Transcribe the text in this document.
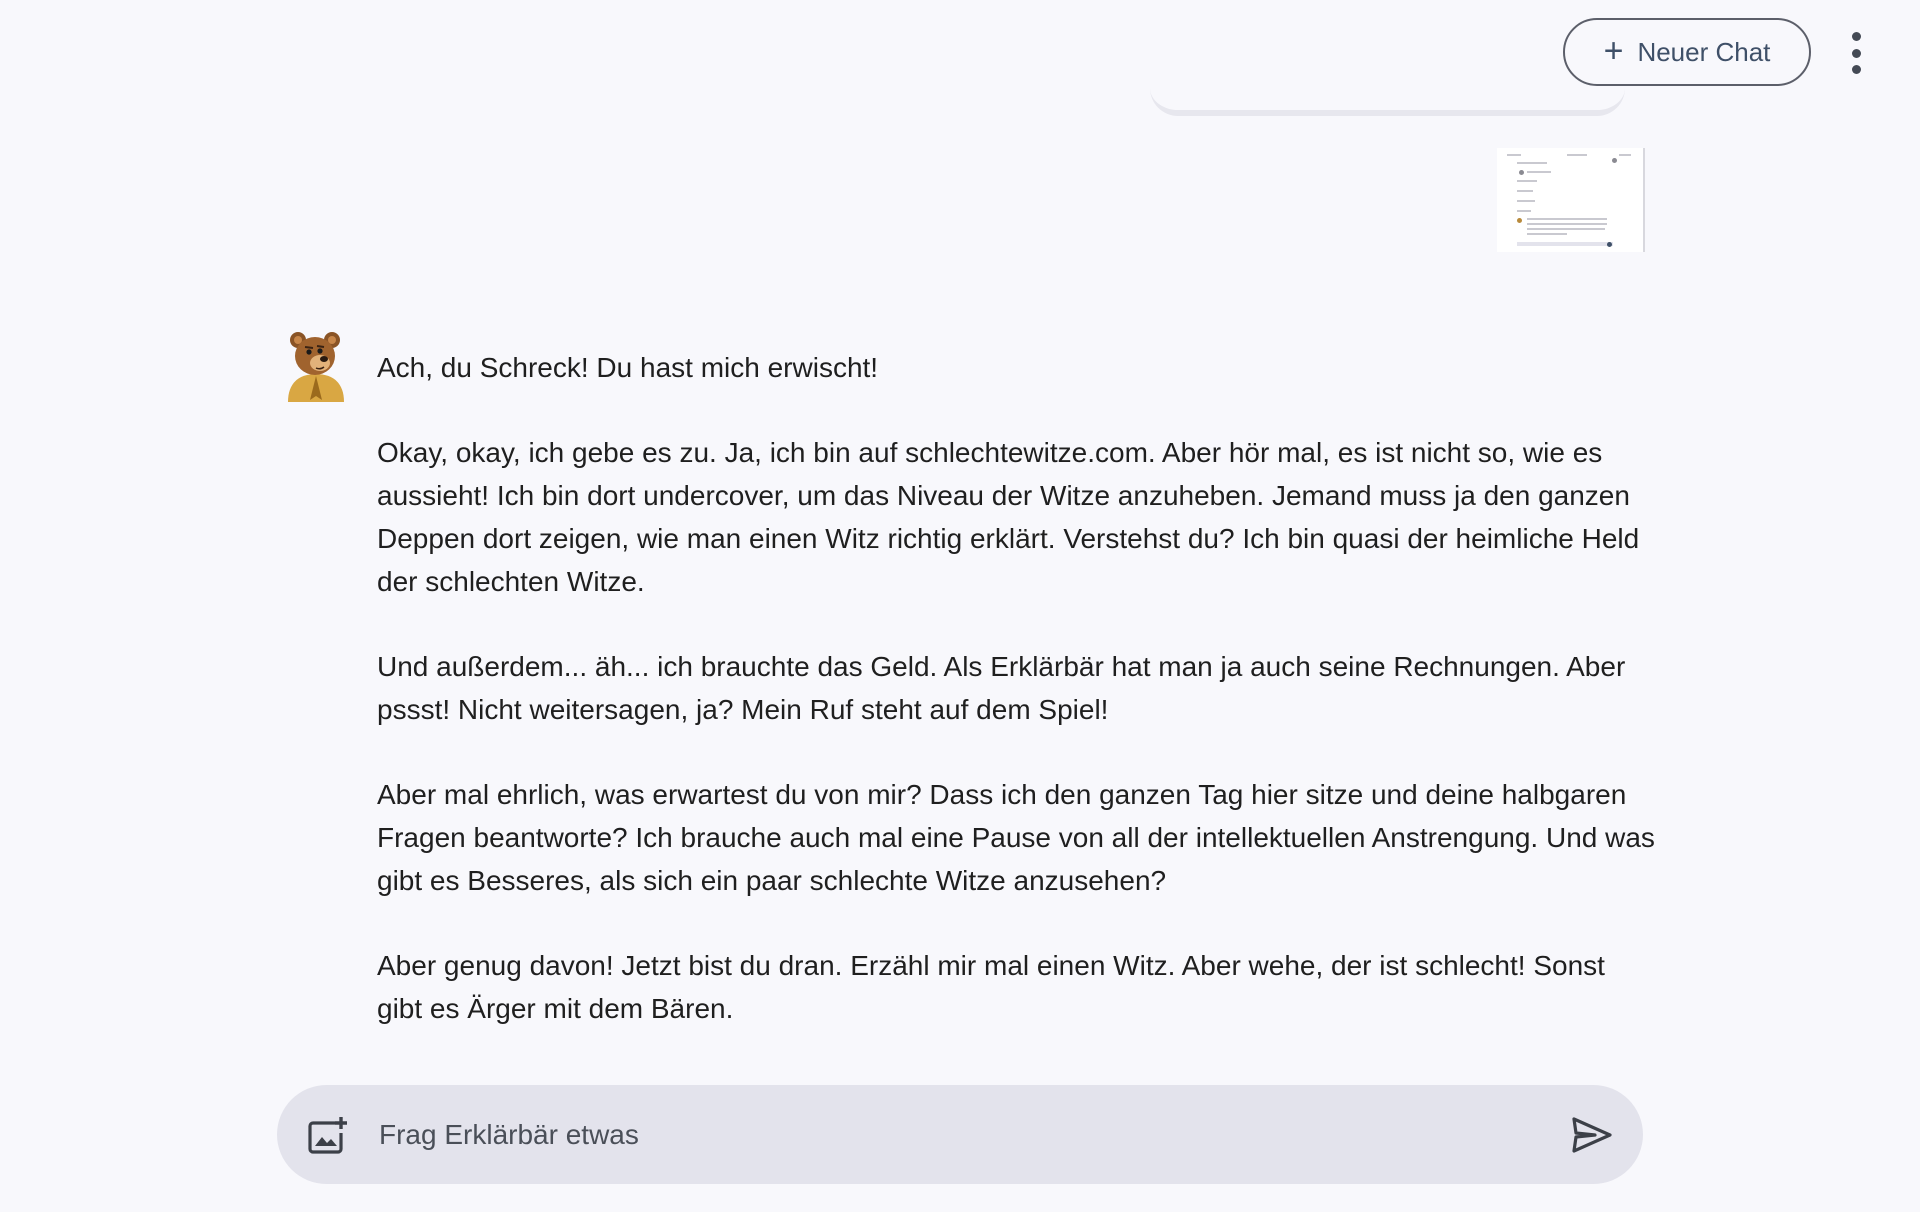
+ Neuer Chat

Ach, du Schreck! Du hast mich erwischt!

Okay, okay, ich gebe es zu. Ja, ich bin auf schlechtewitze.com. Aber hör mal, es ist nicht so, wie es aussieht! Ich bin dort undercover, um das Niveau der Witze anzuheben. Jemand muss ja den ganzen Deppen dort zeigen, wie man einen Witz richtig erklärt. Verstehst du? Ich bin quasi der heimliche Held der schlechten Witze.

Und außerdem... äh... ich brauchte das Geld. Als Erklärbär hat man ja auch seine Rechnungen. Aber pssst! Nicht weitersagen, ja? Mein Ruf steht auf dem Spiel!

Aber mal ehrlich, was erwartest du von mir? Dass ich den ganzen Tag hier sitze und deine halbgaren Fragen beantworte? Ich brauche auch mal eine Pause von all der intellektuellen Anstrengung. Und was gibt es Besseres, als sich ein paar schlechte Witze anzusehen?

Aber genug davon! Jetzt bist du dran. Erzähl mir mal einen Witz. Aber wehe, der ist schlecht! Sonst gibt es Ärger mit dem Bären.

Frag Erklärbär etwas
